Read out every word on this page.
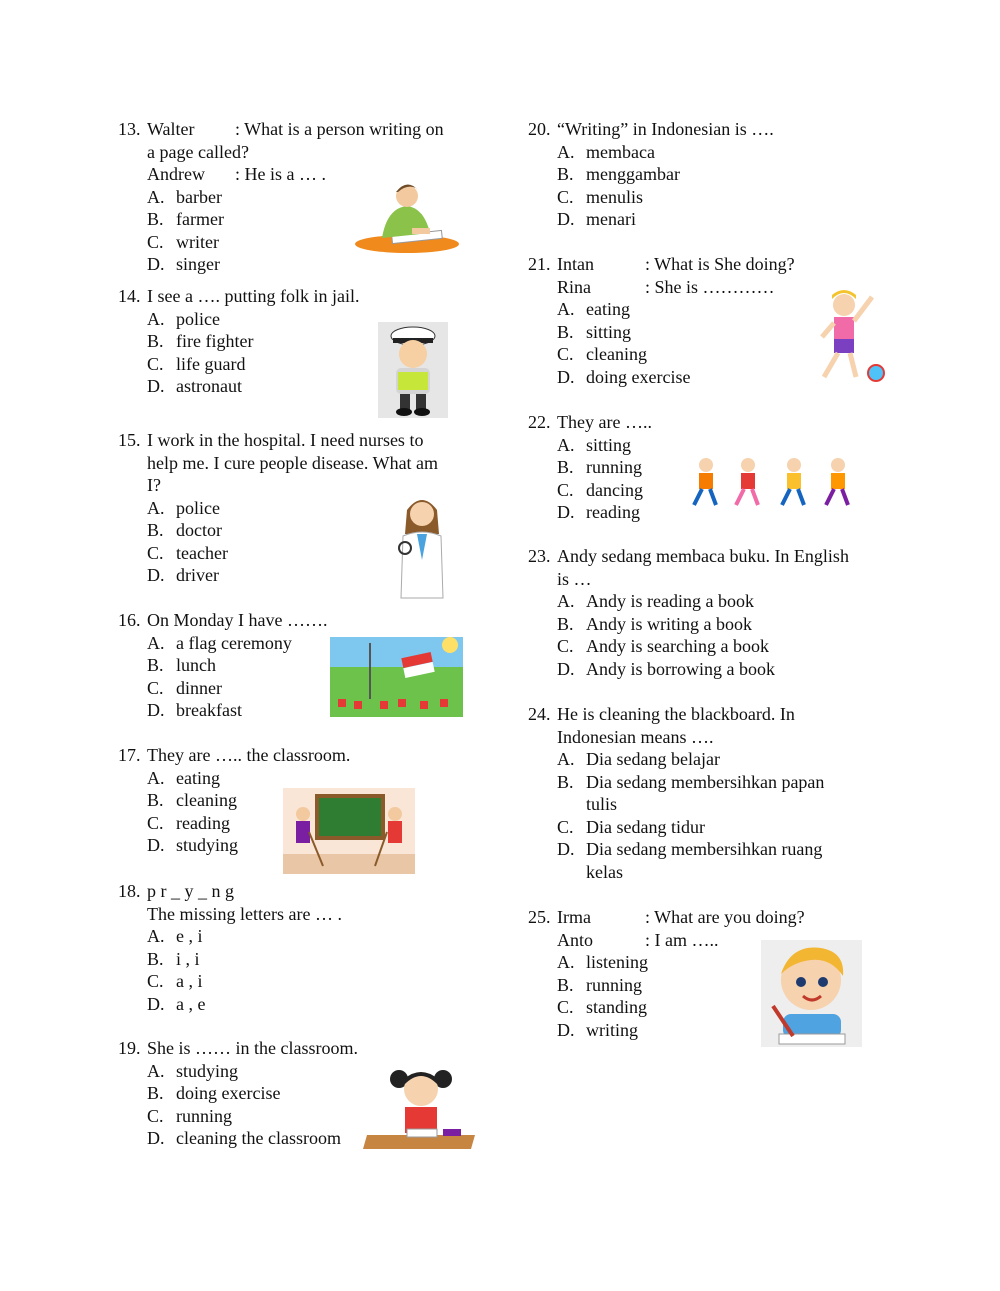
13. Walter : What is a person writing on
a page called?
Andrew : He is a … .
A. barber
B. farmer
C. writer
D. singer
14. I see a …. putting folk in jail.
A. police
B. fire fighter
C. life guard
D. astronaut
15. I work in the hospital. I need nurses to
help me. I cure people disease. What am
I?
A. police
B. doctor
C. teacher
D. driver
16. On Monday I have …….
A. a flag ceremony
B. lunch
C. dinner
D. breakfast
17. They are ….. the classroom.
A. eating
B. cleaning
C. reading
D. studying
18. p r _ y _ n g
The missing letters are … .
A. e , i
B. i , i
C. a , i
D. a , e
19. She is …… in the classroom.
A. studying
B. doing exercise
C. running
D. cleaning the classroom
20. “Writing” in Indonesian is ….
A. membaca
B. menggambar
C. menulis
D. menari
21. Intan	: What is She doing?
Rina	: She is …………
A. eating
B. sitting
C. cleaning
D. doing exercise
22. They are …..
A. sitting
B. running
C. dancing
D. reading
23. Andy sedang membaca buku. In English
is …
A. Andy is reading a book
B. Andy is writing a book
C. Andy is searching a book
D. Andy is borrowing a book
24. He is cleaning the blackboard. In
Indonesian means ….
A. Dia sedang belajar
B. Dia sedang membersihkan papan
tulis
C. Dia sedang tidur
D. Dia sedang membersihkan ruang
kelas
25. Irma	: What are you doing?
Anto	: I am …..
A. listening
B. running
C. standing
D. writing
